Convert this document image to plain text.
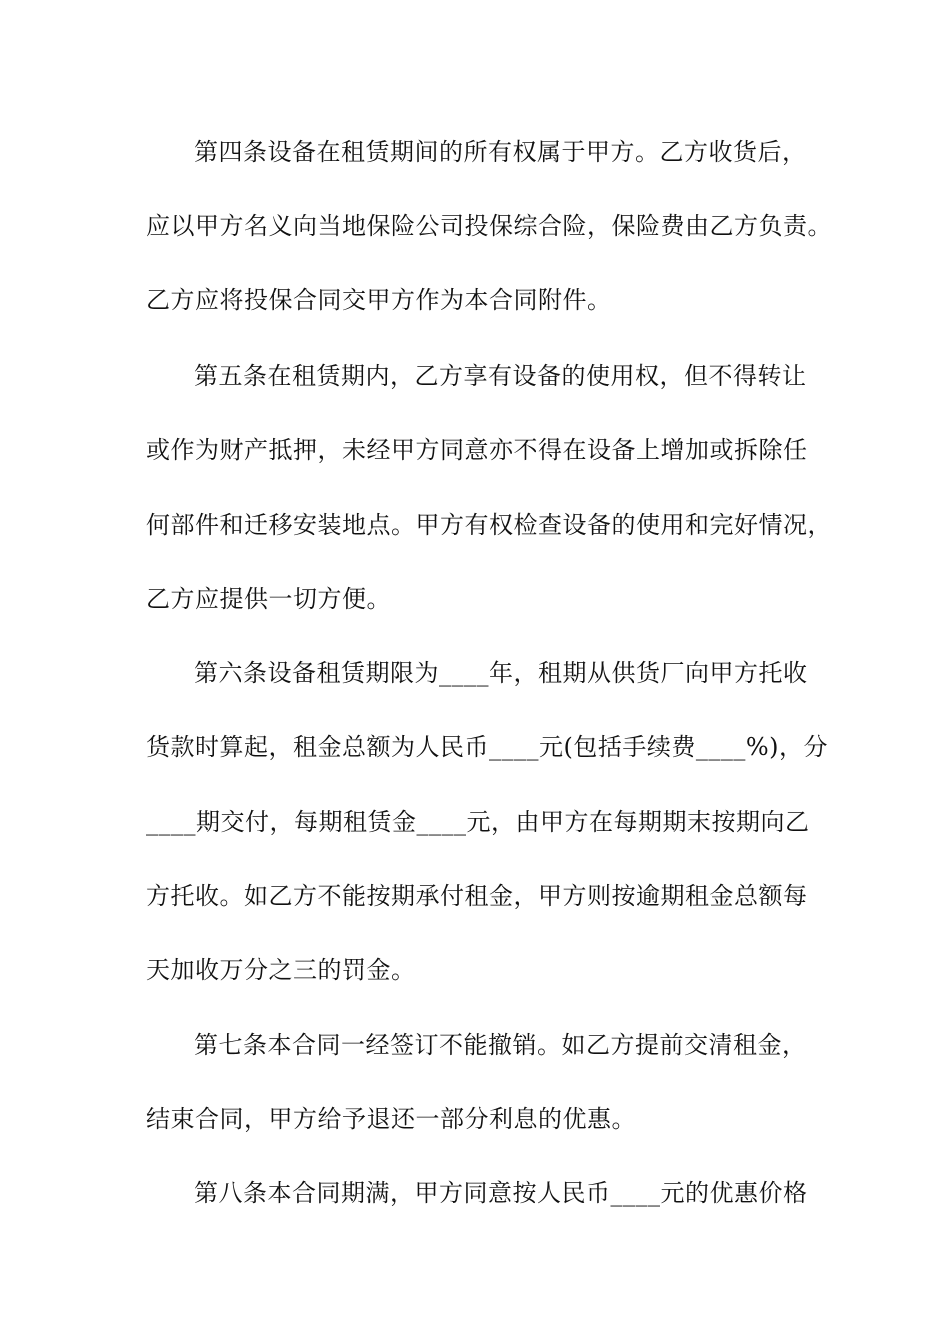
第四条设备在租赁期间的所有权属于甲方。乙方收货后，
应以甲方名义向当地保险公司投保综合险，保险费由乙方负责。
乙方应将投保合同交甲方作为本合同附件。
第五条在租赁期内，乙方享有设备的使用权，但不得转让
或作为财产抵押，未经甲方同意亦不得在设备上增加或拆除任
何部件和迁移安装地点。甲方有权检查设备的使用和完好情况，
乙方应提供一切方便。
第六条设备租赁期限为____年，租期从供货厂向甲方托收
货款时算起，租金总额为人民币____元(包括手续费____%)，分
____期交付，每期租赁金____元，由甲方在每期期末按期向乙
方托收。如乙方不能按期承付租金，甲方则按逾期租金总额每
天加收万分之三的罚金。
第七条本合同一经签订不能撤销。如乙方提前交清租金，
结束合同，甲方给予退还一部分利息的优惠。
第八条本合同期满，甲方同意按人民币____元的优惠价格
